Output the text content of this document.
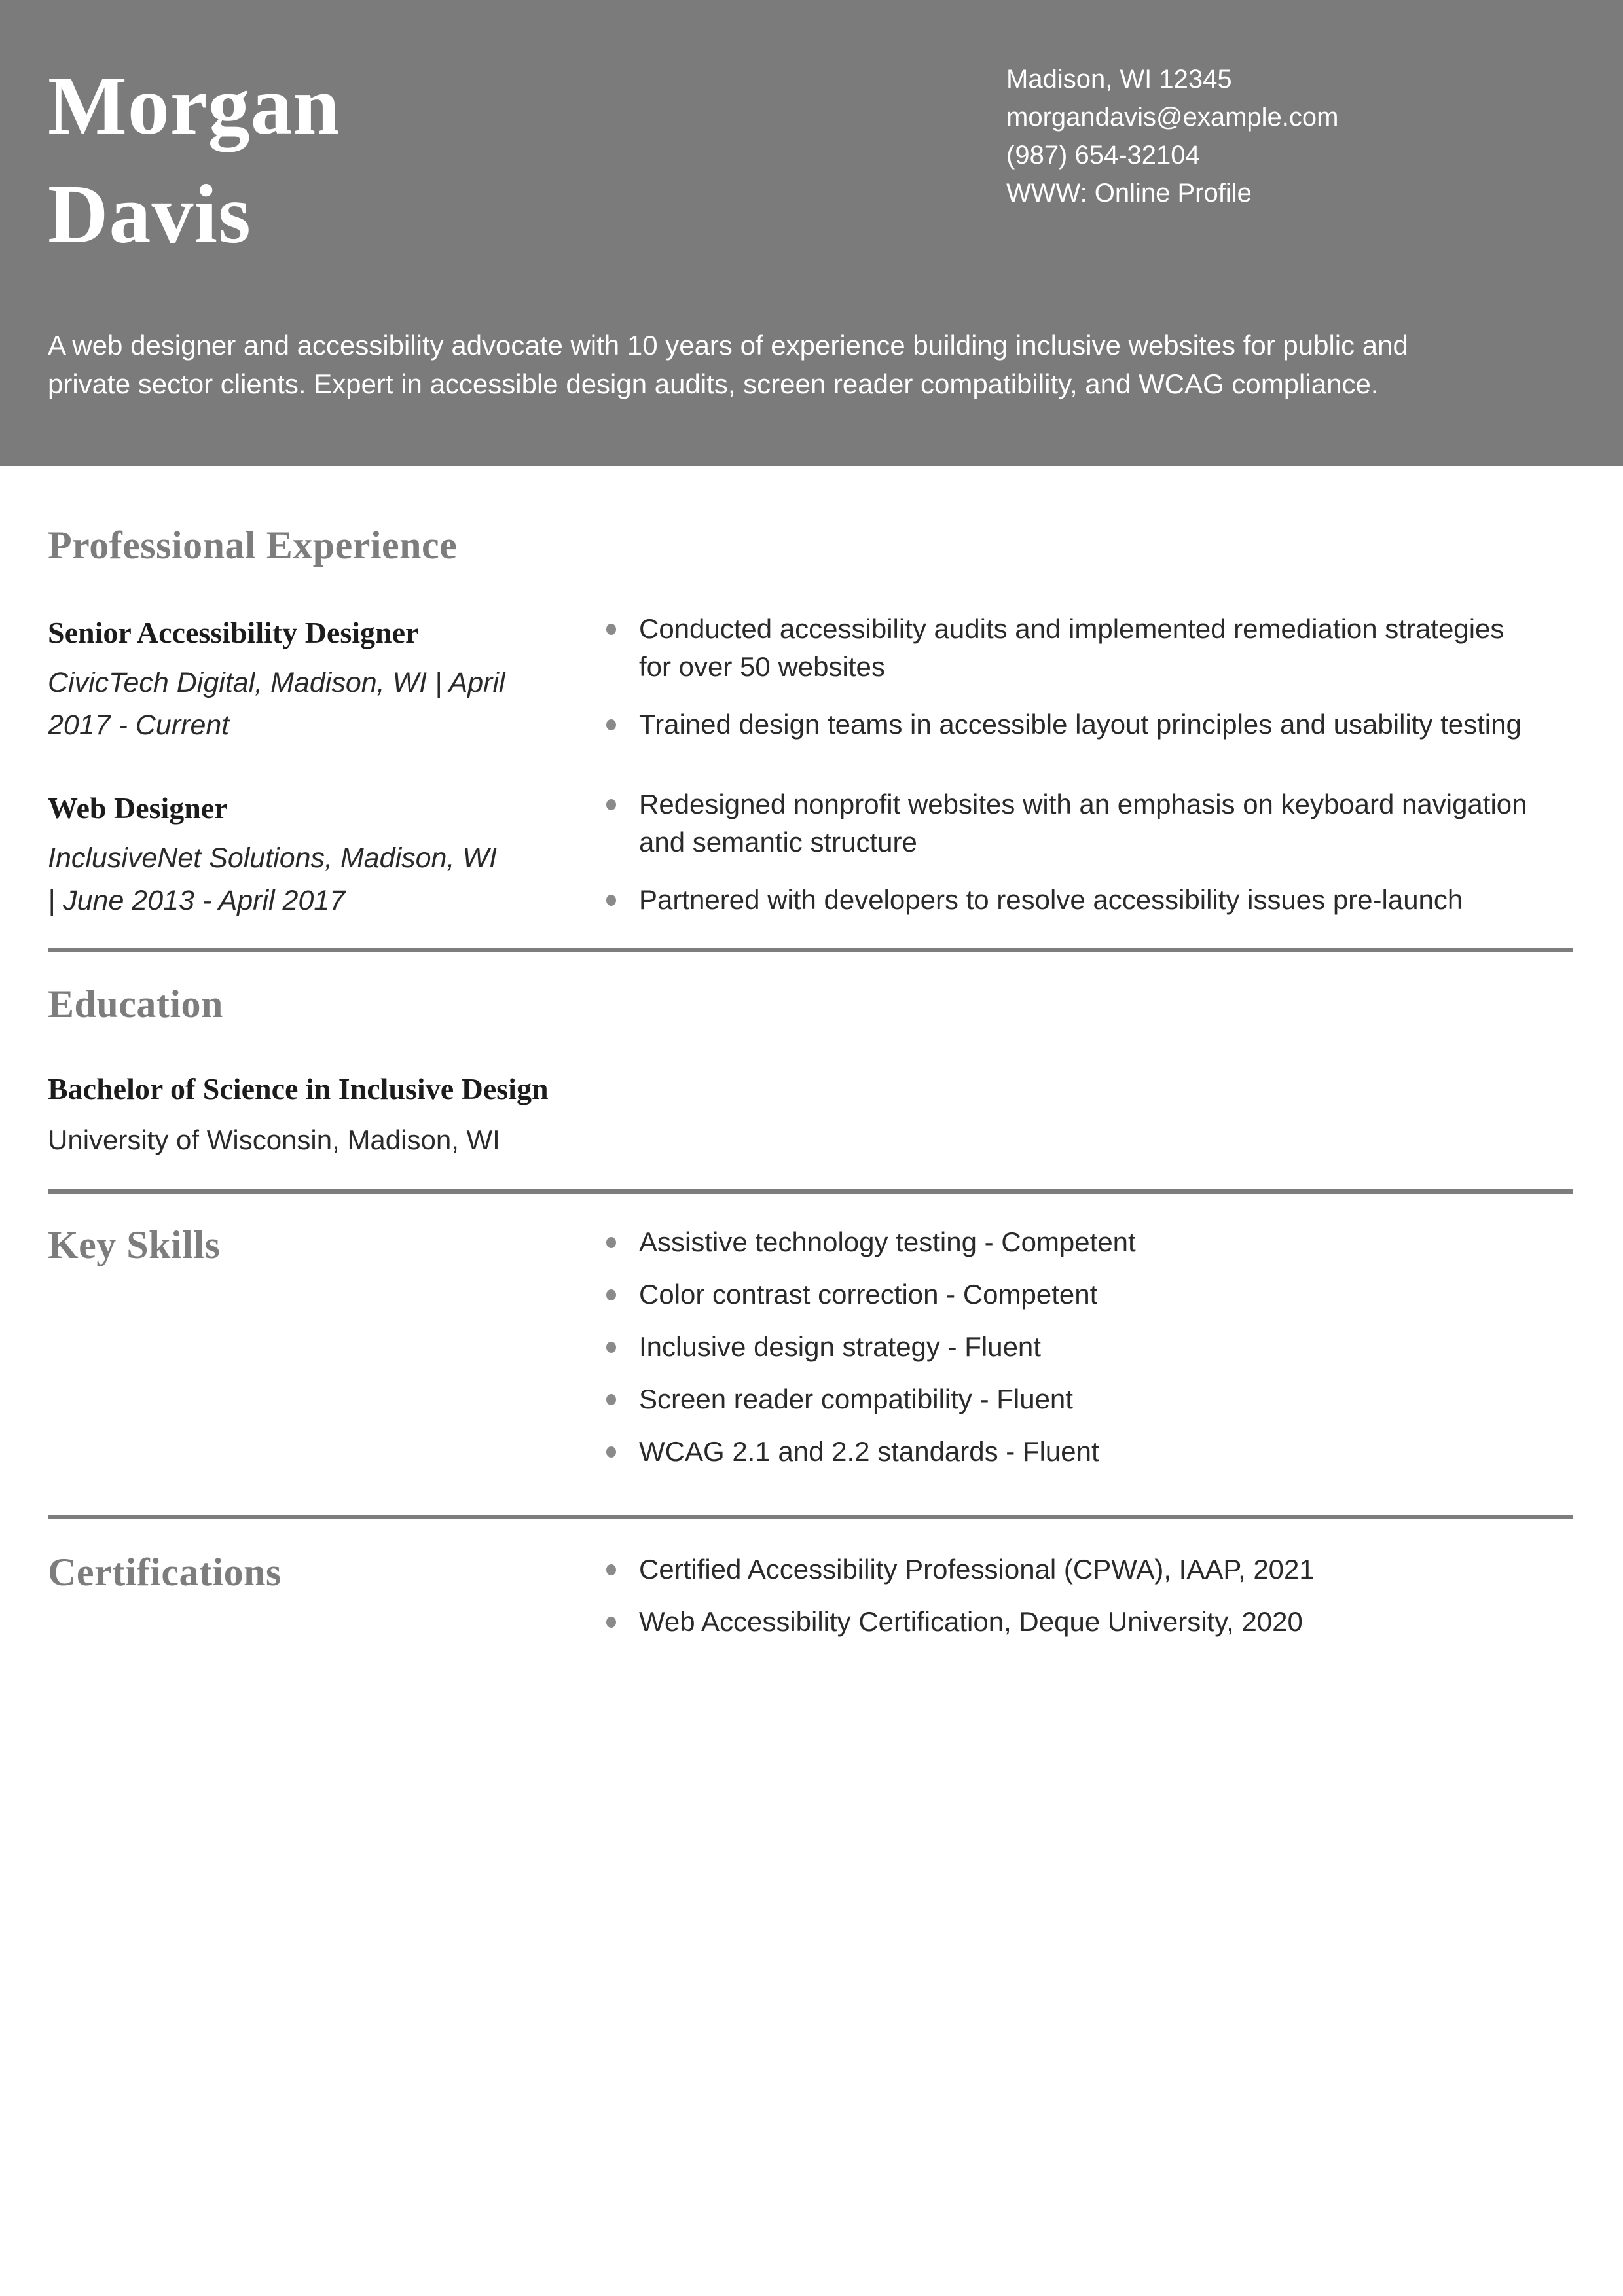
Morgan
Davis
Madison, WI 12345
morgandavis@example.com
(987) 654-32104
WWW: Online Profile

A web designer and accessibility advocate with 10 years of experience building inclusive websites for public and private sector clients. Expert in accessible design audits, screen reader compatibility, and WCAG compliance.

Professional Experience
Senior Accessibility Designer

CivicTech Digital, Madison, WI | April 2017 - Current

Conducted accessibility audits and implemented remediation strategies for over 50 websites
Trained design teams in accessible layout principles and usability testing
Web Designer

InclusiveNet Solutions, Madison, WI | June 2013 - April 2017

Redesigned nonprofit websites with an emphasis on keyboard navigation and semantic structure
Partnered with developers to resolve accessibility issues pre-launch
Education
Bachelor of Science in Inclusive Design

University of Wisconsin, Madison, WI

Key Skills	Assistive technology testing - Competent
Color contrast correction - Competent
Inclusive design strategy - Fluent
Screen reader compatibility - Fluent
WCAG 2.1 and 2.2 standards - Fluent
Certifications	Certified Accessibility Professional (CPWA), IAAP, 2021
Web Accessibility Certification, Deque University, 2020
